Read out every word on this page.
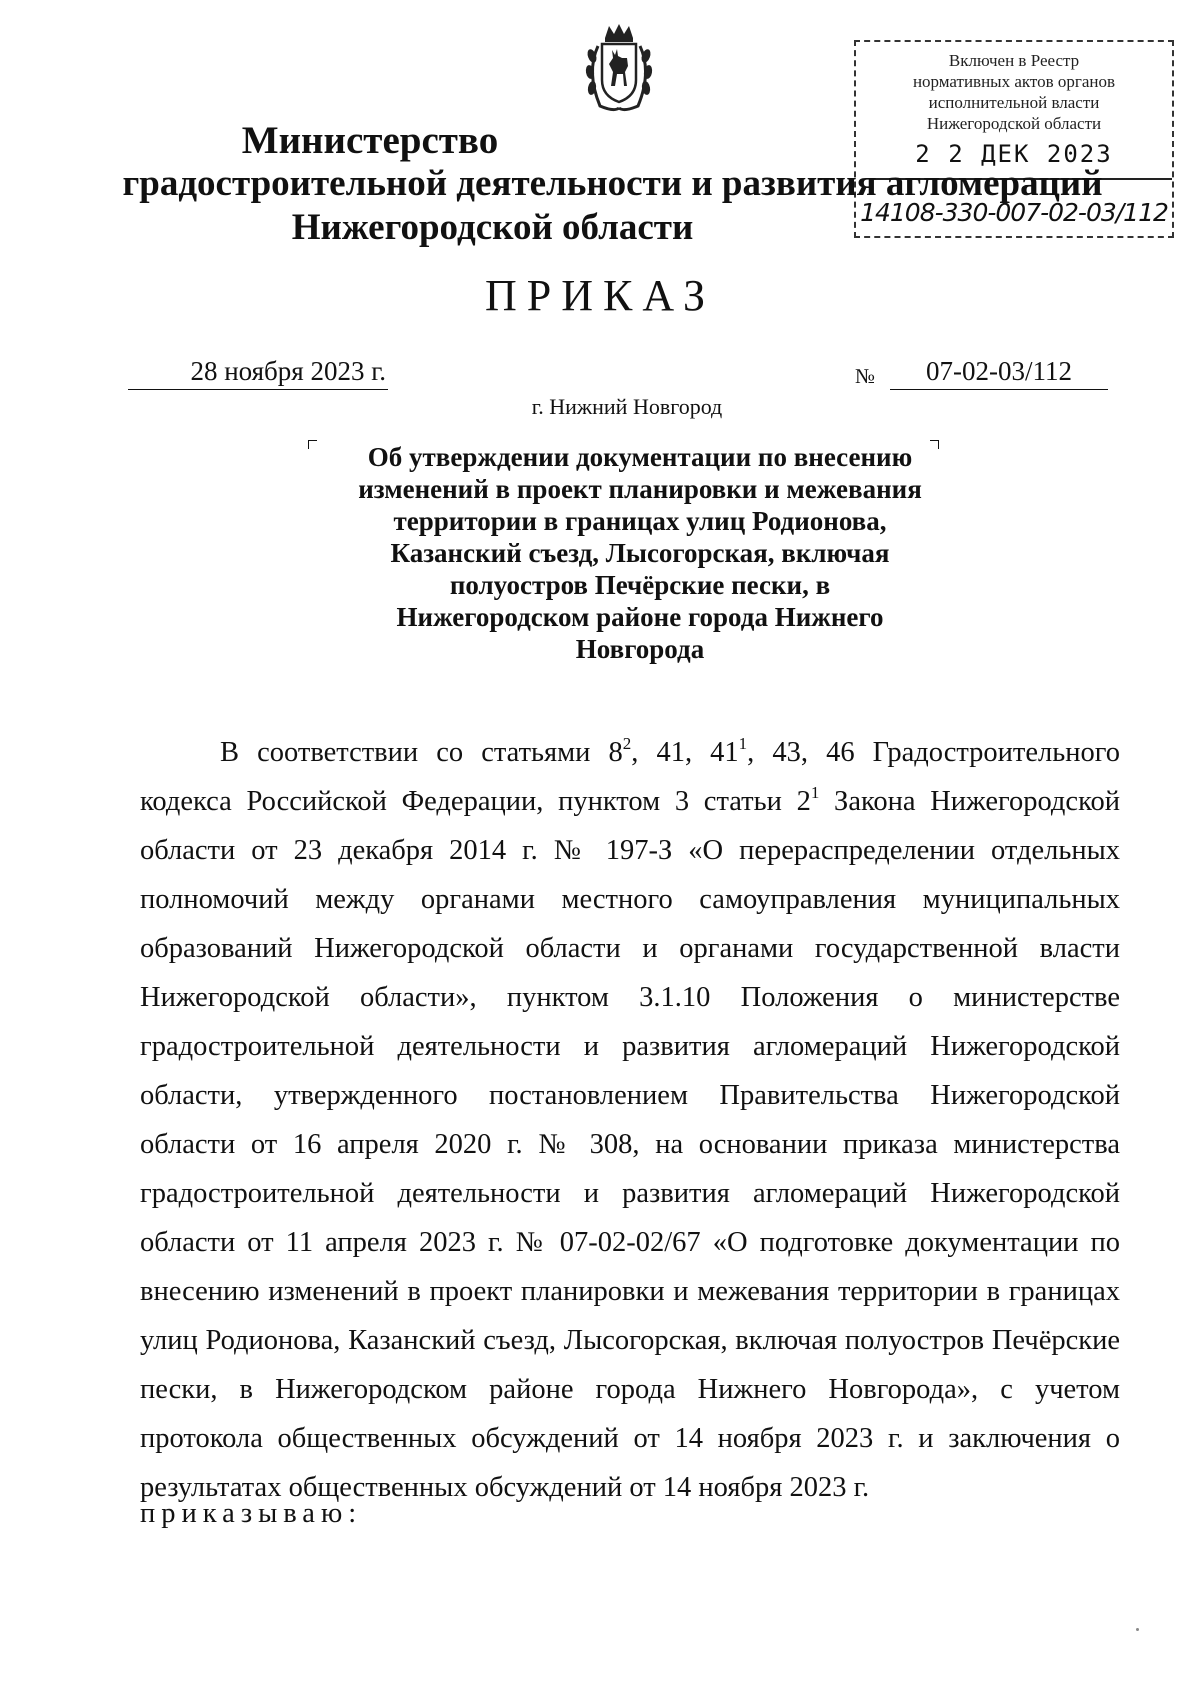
Включен в Реестр
нормативных актов органов
исполнительной власти
Нижегородской области
2 2 ДЕК 2023
14108-330-007-02-03/112
Министерство
градостроительной деятельности и развития агломераций
Нижегородской области
ПРИКАЗ
28 ноября 2023 г.	№	07-02-03/112
г. Нижний Новгород
Об утверждении документации по внесению
изменений в проект планировки и межевания
территории в границах улиц Родионова,
Казанский съезд, Лысогорская, включая
полуостров Печёрские пески, в
Нижегородском районе города Нижнего
Новгорода

В соответствии со статьями $8^2$, 41, $41^1$, 43, 46 Градостроительного кодекса Российской Федерации, пунктом 3 статьи $2^1$ Закона Нижегородской области от 23 декабря 2014 г. № 197-З «О перераспределении отдельных полномочий между органами местного самоуправления муниципальных образований Нижегородской области и органами государственной власти Нижегородской области», пунктом 3.1.10 Положения о министерстве градостроительной деятельности и развития агломераций Нижегородской области, утвержденного постановлением Правительства Нижегородской области от 16 апреля 2020 г. № 308, на основании приказа министерства градостроительной деятельности и развития агломераций Нижегородской области от 11 апреля 2023 г. № 07-02-02/67 «О подготовке документации по внесению изменений в проект планировки и межевания территории в границах улиц Родионова, Казанский съезд, Лысогорская, включая полуостров Печёрские пески, в Нижегородском районе города Нижнего Новгорода», с учетом протокола общественных обсуждений от 14 ноября 2023 г. и заключения о результатах общественных обсуждений от 14 ноября 2023 г.

приказываю:
